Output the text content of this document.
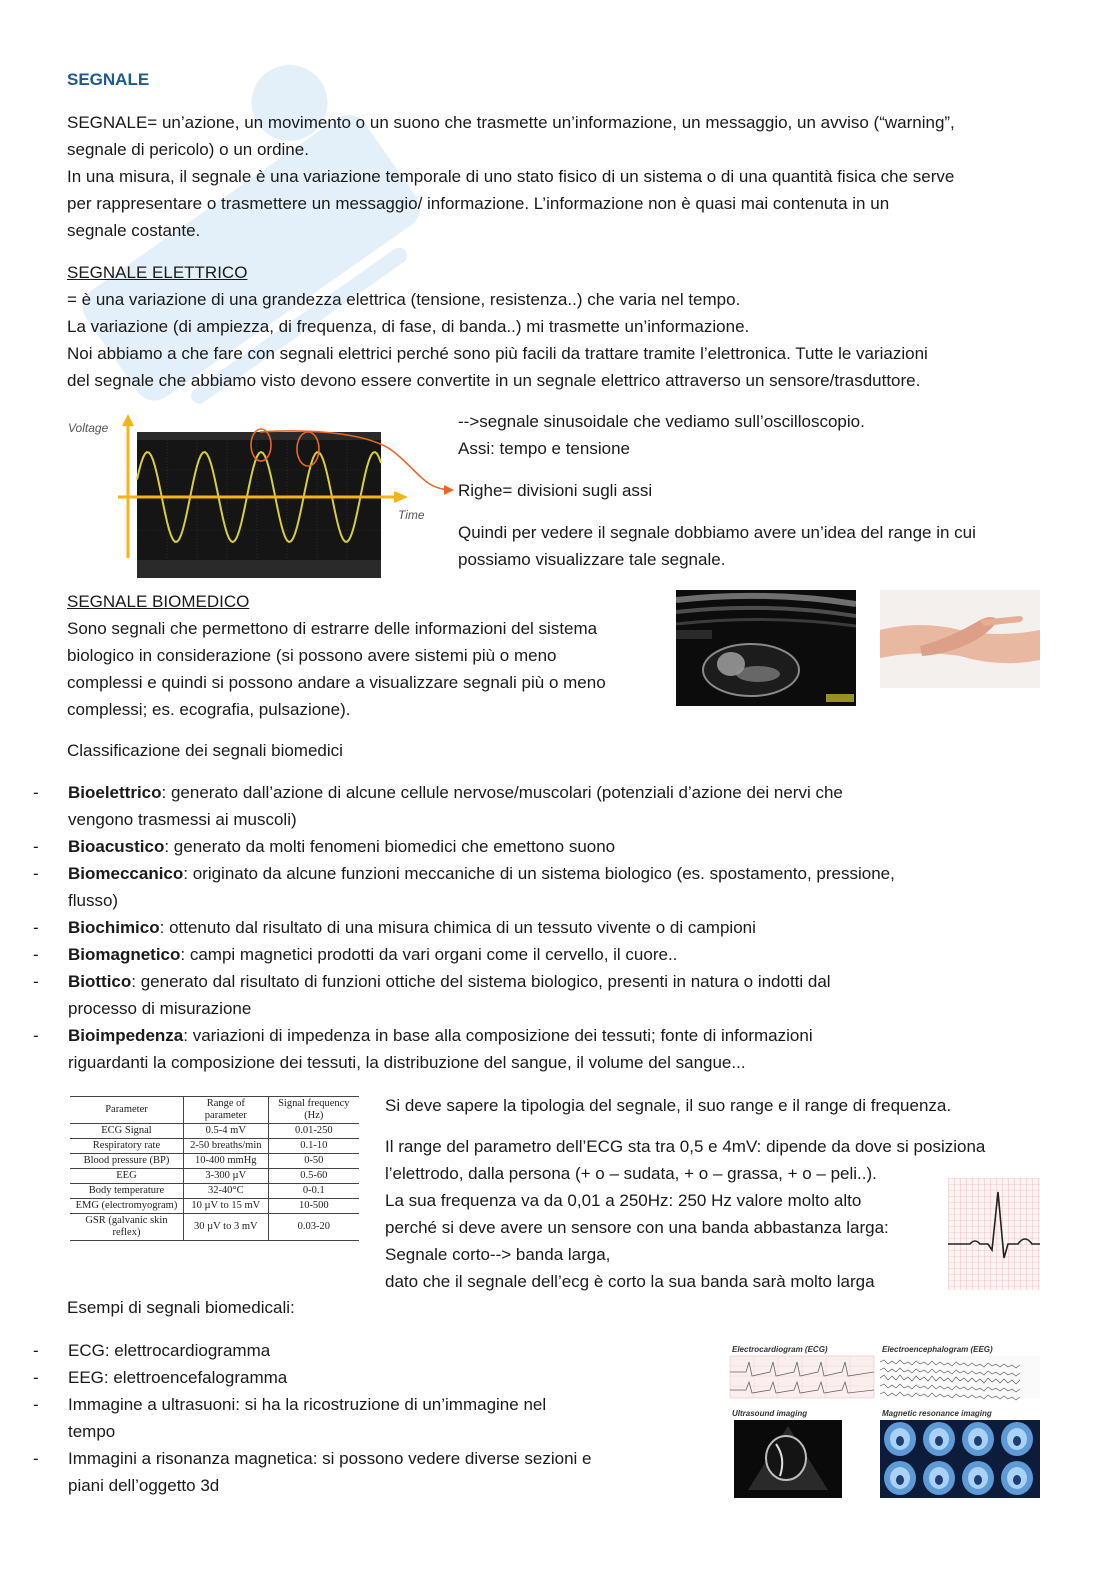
SEGNALE
SEGNALE= un’azione, un movimento o un suono che trasmette un’informazione, un messaggio, un avviso (“warning”,
segnale di pericolo) o un ordine.
In una misura, il segnale è una variazione temporale di uno stato fisico di un sistema o di una quantità fisica che serve
per rappresentare o trasmettere un messaggio/ informazione. L’informazione non è quasi mai contenuta in un
segnale costante.
SEGNALE ELETTRICO
= è una variazione di una grandezza elettrica (tensione, resistenza..) che varia nel tempo.
La variazione (di ampiezza, di frequenza, di fase, di banda..) mi trasmette un’informazione.
Noi abbiamo a che fare con segnali elettrici perché sono più facili da trattare tramite l’elettronica. Tutte le variazioni
del segnale che abbiamo visto devono essere convertite in un segnale elettrico attraverso un sensore/trasduttore.
Voltage
Time
-->segnale sinusoidale che vediamo sull’oscilloscopio.
Assi: tempo e tensione
Righe= divisioni sugli assi
Quindi per vedere il segnale dobbiamo avere un’idea del range in cui
possiamo visualizzare tale segnale.
SEGNALE BIOMEDICO
Sono segnali che permettono di estrarre delle informazioni del sistema
biologico in considerazione (si possono avere sistemi più o meno
complessi e quindi si possono andare a visualizzare segnali più o meno
complessi; es. ecografia, pulsazione).
Classificazione dei segnali biomedici
- Bioelettrico: generato dall’azione di alcune cellule nervose/muscolari (potenziali d’azione dei nervi che
vengono trasmessi ai muscoli)
- Bioacustico: generato da molti fenomeni biomedici che emettono suono
- Biomeccanico: originato da alcune funzioni meccaniche di un sistema biologico (es. spostamento, pressione,
flusso)
- Biochimico: ottenuto dal risultato di una misura chimica di un tessuto vivente o di campioni
- Biomagnetico: campi magnetici prodotti da vari organi come il cervello, il cuore..
- Biottico: generato dal risultato di funzioni ottiche del sistema biologico, presenti in natura o indotti dal
processo di misurazione
- Bioimpedenza: variazioni di impedenza in base alla composizione dei tessuti; fonte di informazioni
riguardanti la composizione dei tessuti, la distribuzione del sangue, il volume del sangue...
Parameter	Range of parameter	Signal frequency (Hz)
ECG Signal	0.5-4 mV	0.01-250
Respiratory rate	2-50 breaths/min	0.1-10
Blood pressure (BP)	10-400 mmHg	0-50
EEG	3-300 µV	0.5-60
Body temperature	32-40°C	0-0.1
EMG (electromyogram)	10 µV to 15 mV	10-500
GSR (galvanic skin reflex)	30 µV to 3 mV	0.03-20
Si deve sapere la tipologia del segnale, il suo range e il range di frequenza.
Il range del parametro dell’ECG sta tra 0,5 e 4mV: dipende da dove si posiziona
l’elettrodo, dalla persona (+ o – sudata, + o – grassa, + o – peli..).
La sua frequenza va da 0,01 a 250Hz: 250 Hz valore molto alto
perché si deve avere un sensore con una banda abbastanza larga:
Segnale corto--> banda larga,
dato che il segnale dell’ecg è corto la sua banda sarà molto larga
Esempi di segnali biomedicali:
- ECG: elettrocardiogramma
- EEG: elettroencefalogramma
- Immagine a ultrasuoni: si ha la ricostruzione di un’immagine nel
tempo
- Immagini a risonanza magnetica: si possono vedere diverse sezioni e
piani dell’oggetto 3d
Electrocardiogram (ECG)	Electroencephalogram (EEG)
Ultrasound imaging	Magnetic resonance imaging
